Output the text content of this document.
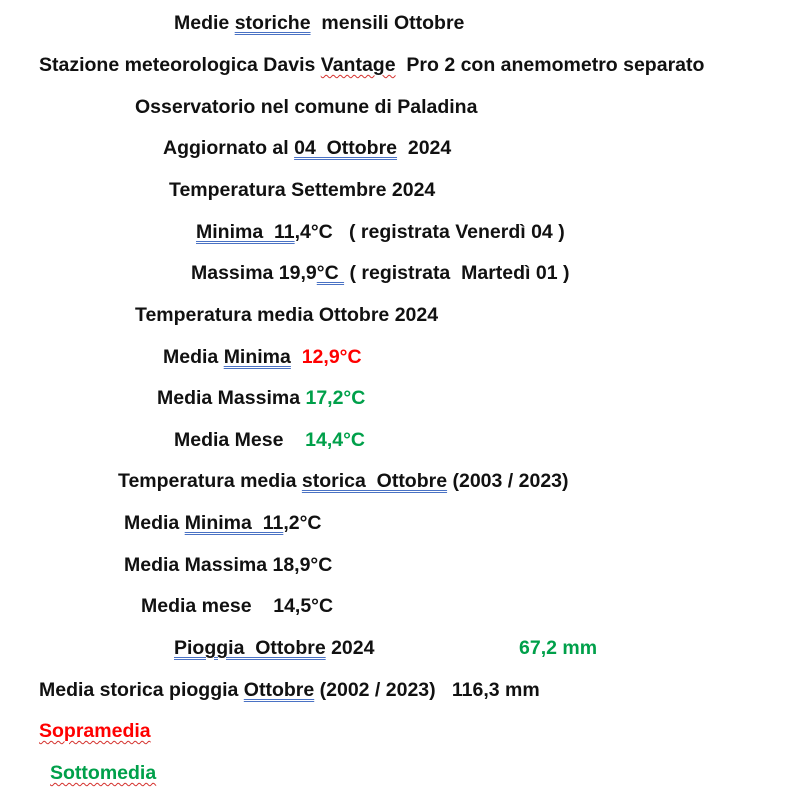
Medie storiche  mensili Ottobre
Stazione meteorologica Davis Vantage  Pro 2 con anemometro separato
Osservatorio nel comune di Paladina
Aggiornato al 04  Ottobre  2024
Temperatura Settembre 2024
Minima  11,4°C   ( registrata Venerdì 04 )
Massima 19,9°C  ( registrata  Martedì 01 )
Temperatura media Ottobre 2024
Media Minima  12,9°C
Media Massima 17,2°C
Media Mese    14,4°C
Temperatura media storica  Ottobre (2003 / 2023)
Media Minima  11,2°C
Media Massima 18,9°C
Media mese    14,5°C
Pioggia  Ottobre 2024	67,2 mm
Media storica pioggia Ottobre (2002 / 2023)   116,3 mm
Sopramedia
Sottomedia
